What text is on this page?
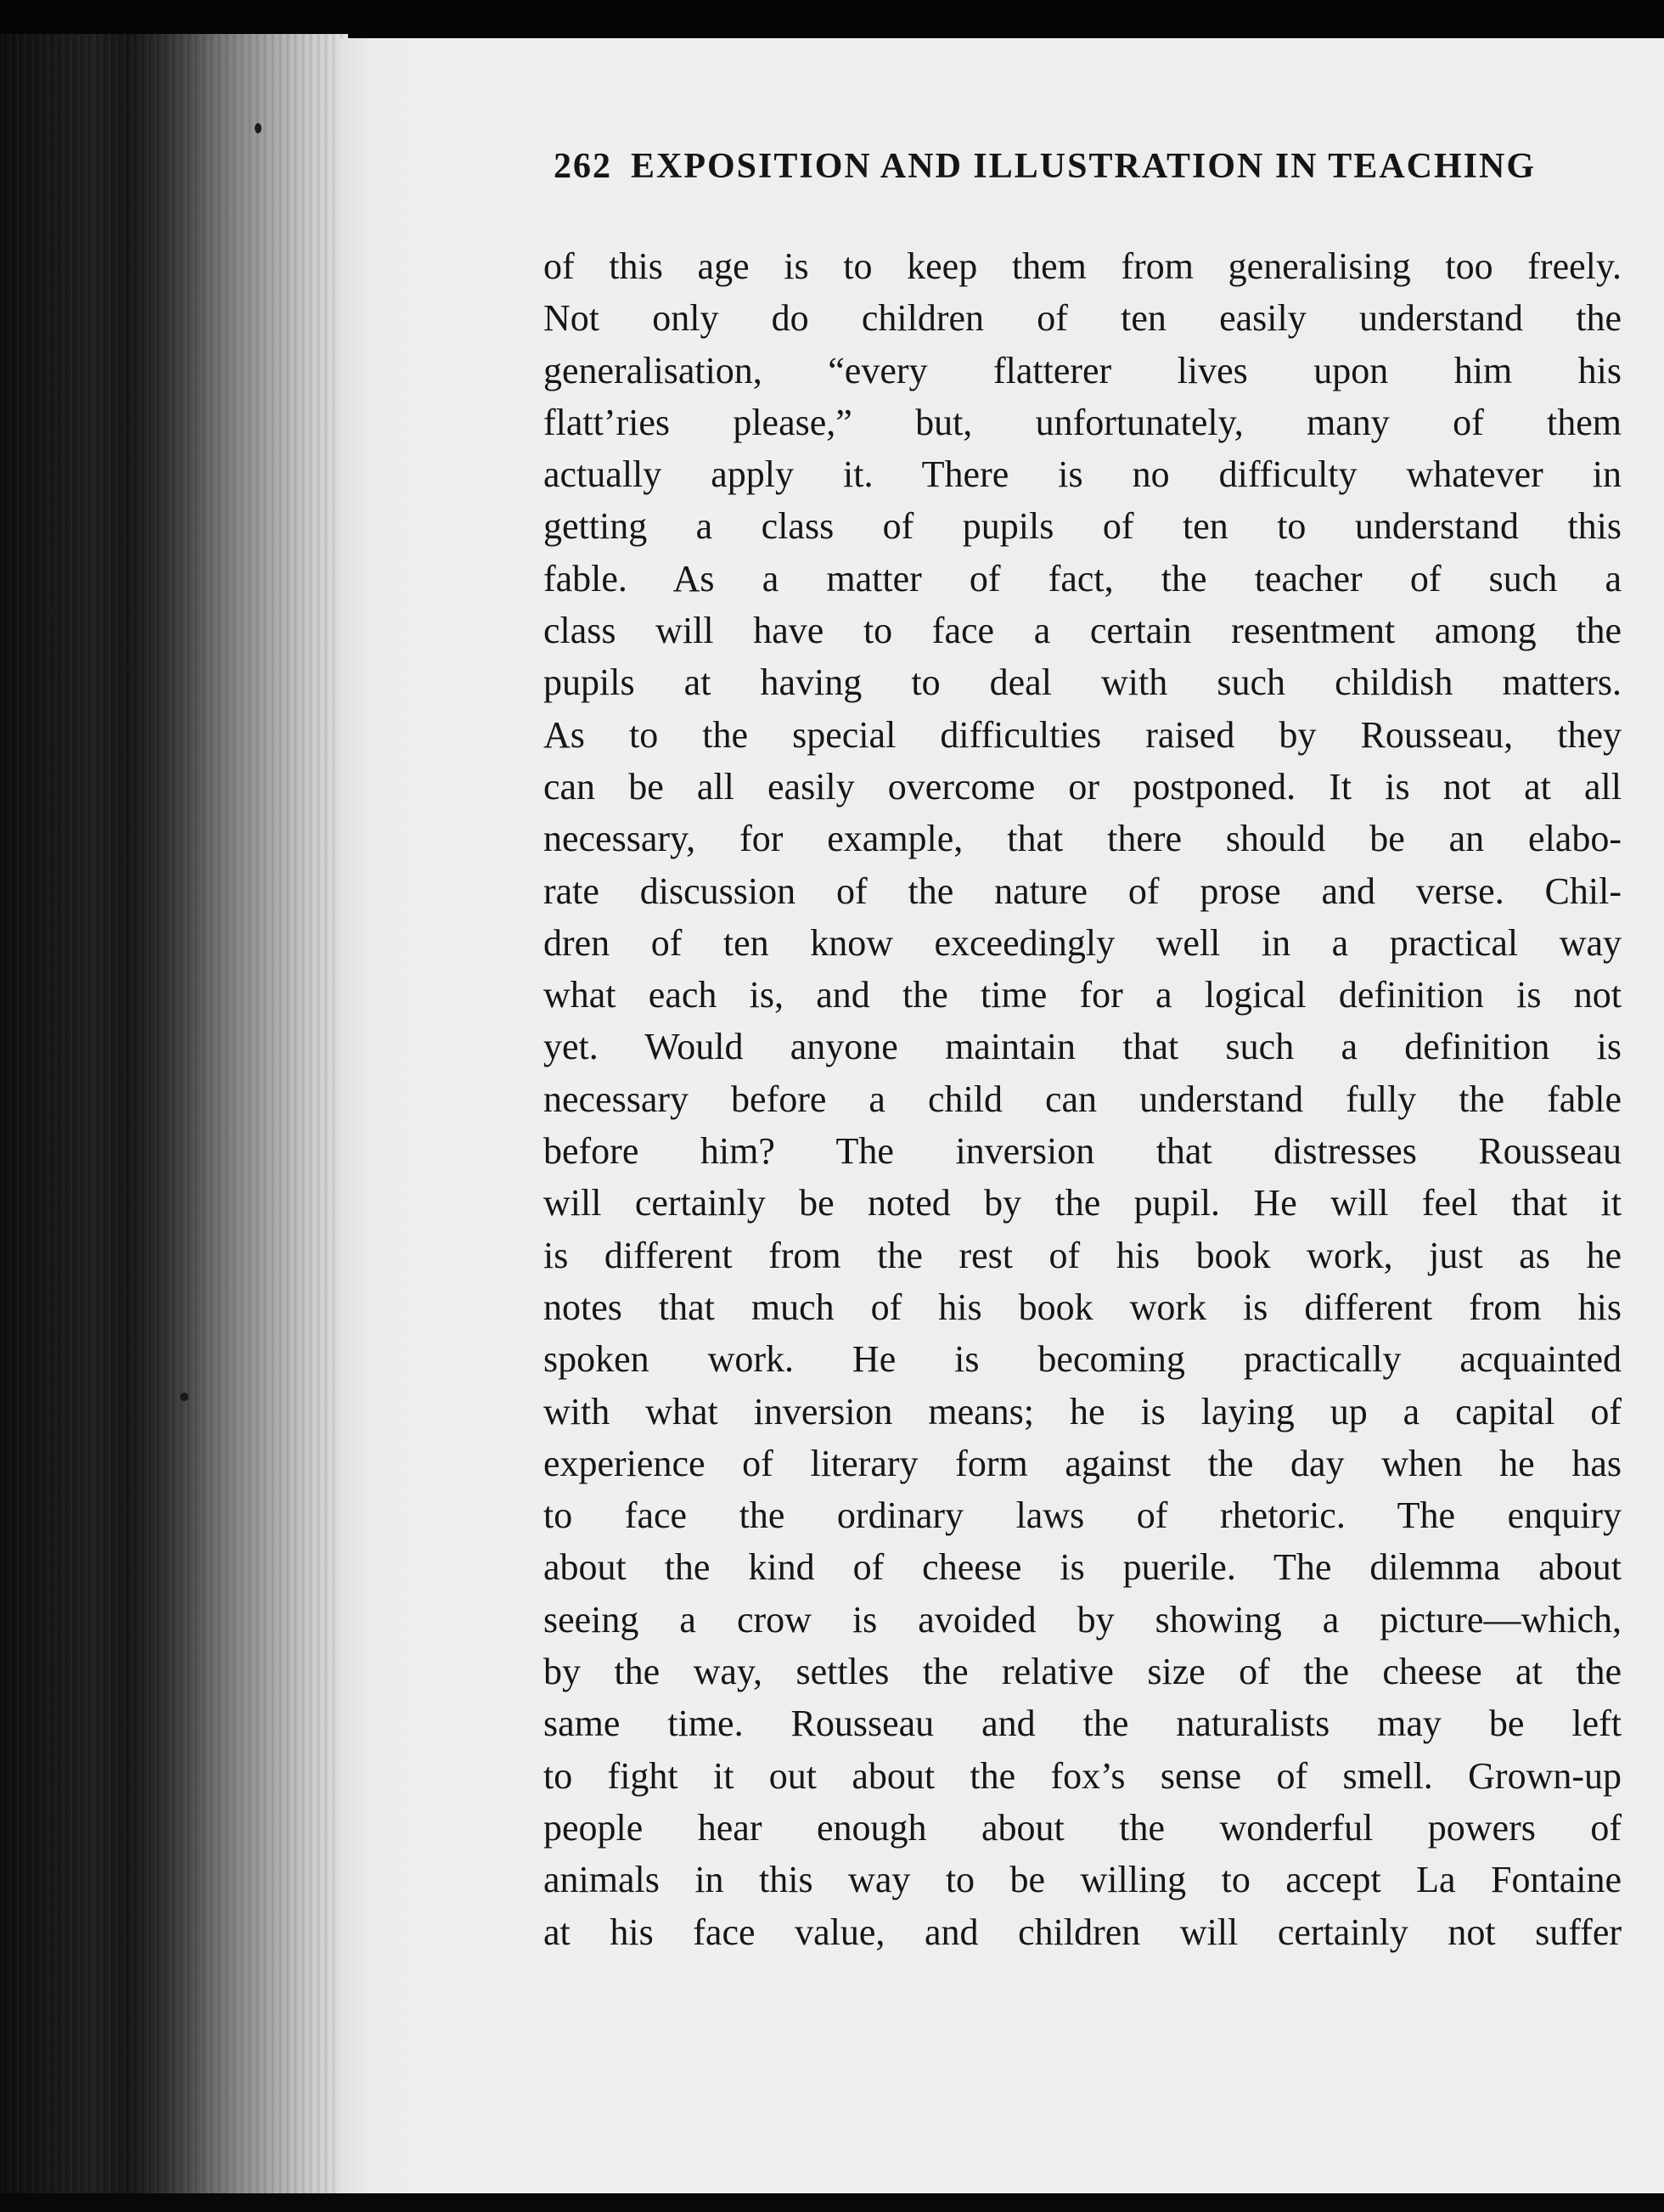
262 EXPOSITION AND ILLUSTRATION IN TEACHING
of this age is to keep them from generalising too freely.
Not only do children of ten easily understand the
generalisation, “every flatterer lives upon him his
flatt’ries please,” but, unfortunately, many of them
actually apply it. There is no difficulty whatever in
getting a class of pupils of ten to understand this
fable. As a matter of fact, the teacher of such a
class will have to face a certain resentment among the
pupils at having to deal with such childish matters.
As to the special difficulties raised by Rousseau, they
can be all easily overcome or postponed. It is not at all
necessary, for example, that there should be an elabo-
rate discussion of the nature of prose and verse. Chil-
dren of ten know exceedingly well in a practical way
what each is, and the time for a logical definition is not
yet. Would anyone maintain that such a definition is
necessary before a child can understand fully the fable
before him? The inversion that distresses Rousseau
will certainly be noted by the pupil. He will feel that it
is different from the rest of his book work, just as he
notes that much of his book work is different from his
spoken work. He is becoming practically acquainted
with what inversion means; he is laying up a capital of
experience of literary form against the day when he has
to face the ordinary laws of rhetoric. The enquiry
about the kind of cheese is puerile. The dilemma about
seeing a crow is avoided by showing a picture—which,
by the way, settles the relative size of the cheese at the
same time. Rousseau and the naturalists may be left
to fight it out about the fox’s sense of smell. Grown-up
people hear enough about the wonderful powers of
animals in this way to be willing to accept La Fontaine
at his face value, and children will certainly not suffer
